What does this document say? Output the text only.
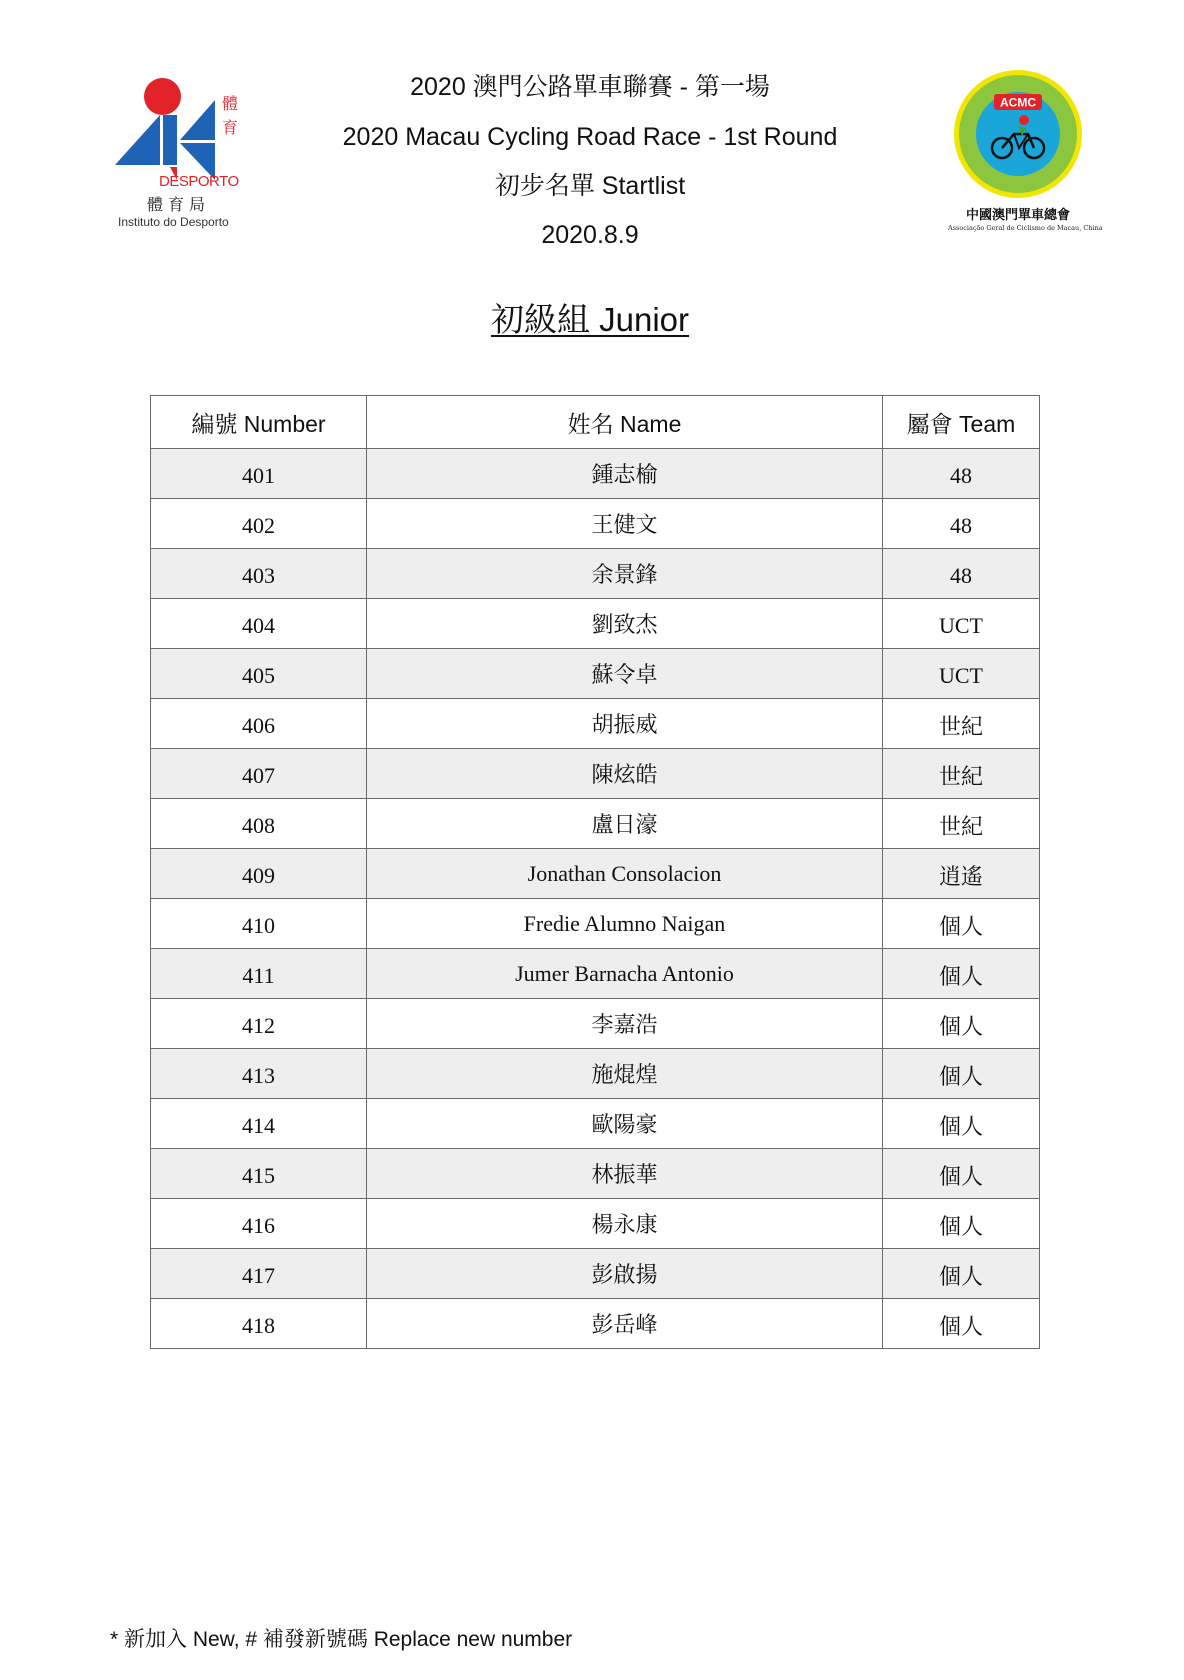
體育
DESPORTO
體育局
Instituto do Desporto
2020 澳門公路單車聯賽 - 第一場
2020 Macau Cycling Road Race - 1st Round
初步名單 Startlist
2020.8.9
ACMC
中國澳門單車總會
Associação Geral de Ciclismo de Macau, China
初級組 Junior
編號 Number	姓名 Name	屬會 Team
401	鍾志榆	48
402	王健文	48
403	余景鋒	48
404	劉致杰	UCT
405	蘇令卓	UCT
406	胡振威	世紀
407	陳炫皓	世紀
408	盧日濠	世紀
409	Jonathan Consolacion	逍遙
410	Fredie Alumno Naigan	個人
411	Jumer Barnacha Antonio	個人
412	李嘉浩	個人
413	施焜煌	個人
414	歐陽豪	個人
415	林振華	個人
416	楊永康	個人
417	彭啟揚	個人
418	彭岳峰	個人
* 新加入 New, # 補發新號碼 Replace new number
